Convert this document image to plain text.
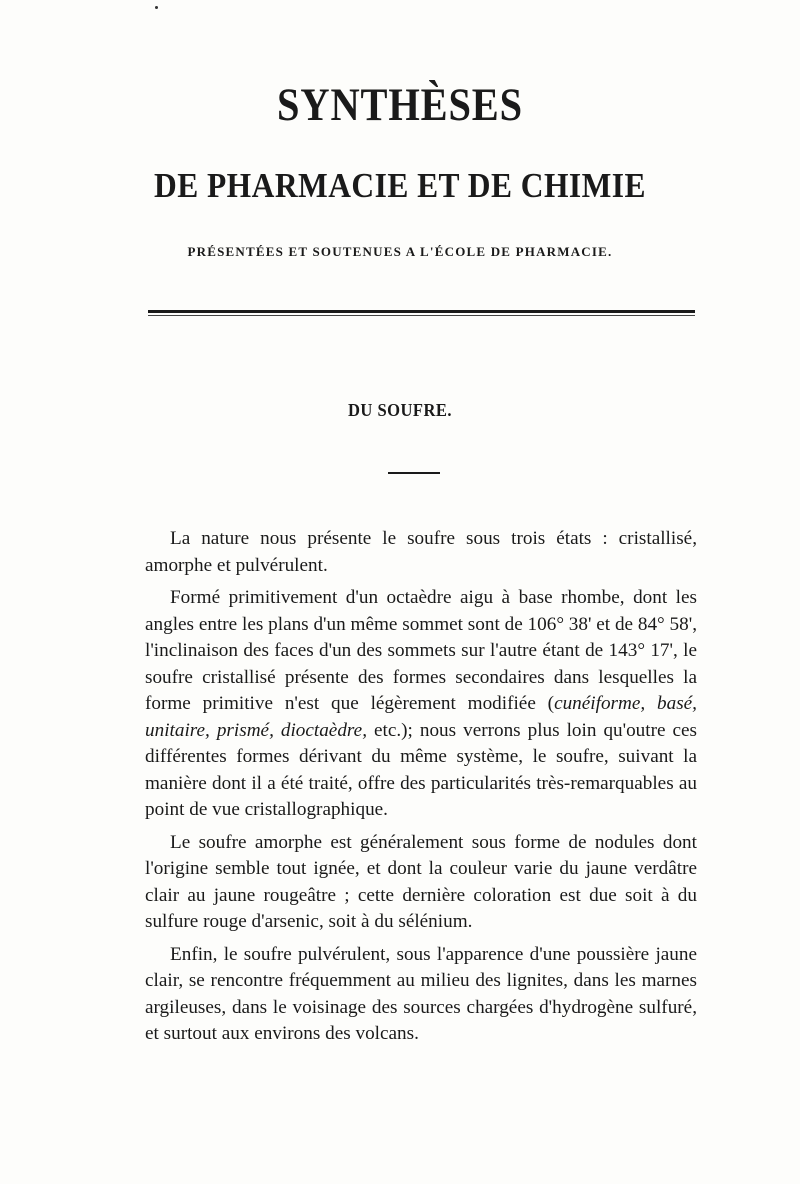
SYNTHÈSES
DE PHARMACIE ET DE CHIMIE
PRÉSENTÉES ET SOUTENUES A L'ÉCOLE DE PHARMACIE.
DU SOUFRE.

La nature nous présente le soufre sous trois états : cristallisé, amorphe et pulvérulent.

Formé primitivement d'un octaèdre aigu à base rhombe, dont les angles entre les plans d'un même sommet sont de 106° 38' et de 84° 58', l'inclinaison des faces d'un des sommets sur l'autre étant de 143° 17', le soufre cristallisé présente des formes secondaires dans lesquelles la forme primitive n'est que légèrement modifiée (cunéiforme, basé, unitaire, prismé, dioctaèdre, etc.); nous verrons plus loin qu'outre ces différentes formes dérivant du même système, le soufre, suivant la manière dont il a été traité, offre des particularités très-remarquables au point de vue cristallographique.

Le soufre amorphe est généralement sous forme de nodules dont l'origine semble tout ignée, et dont la couleur varie du jaune verdâtre clair au jaune rougeâtre ; cette dernière coloration est due soit à du sulfure rouge d'arsenic, soit à du sélénium.

Enfin, le soufre pulvérulent, sous l'apparence d'une poussière jaune clair, se rencontre fréquemment au milieu des lignites, dans les marnes argileuses, dans le voisinage des sources chargées d'hydrogène sulfuré, et surtout aux environs des volcans.
